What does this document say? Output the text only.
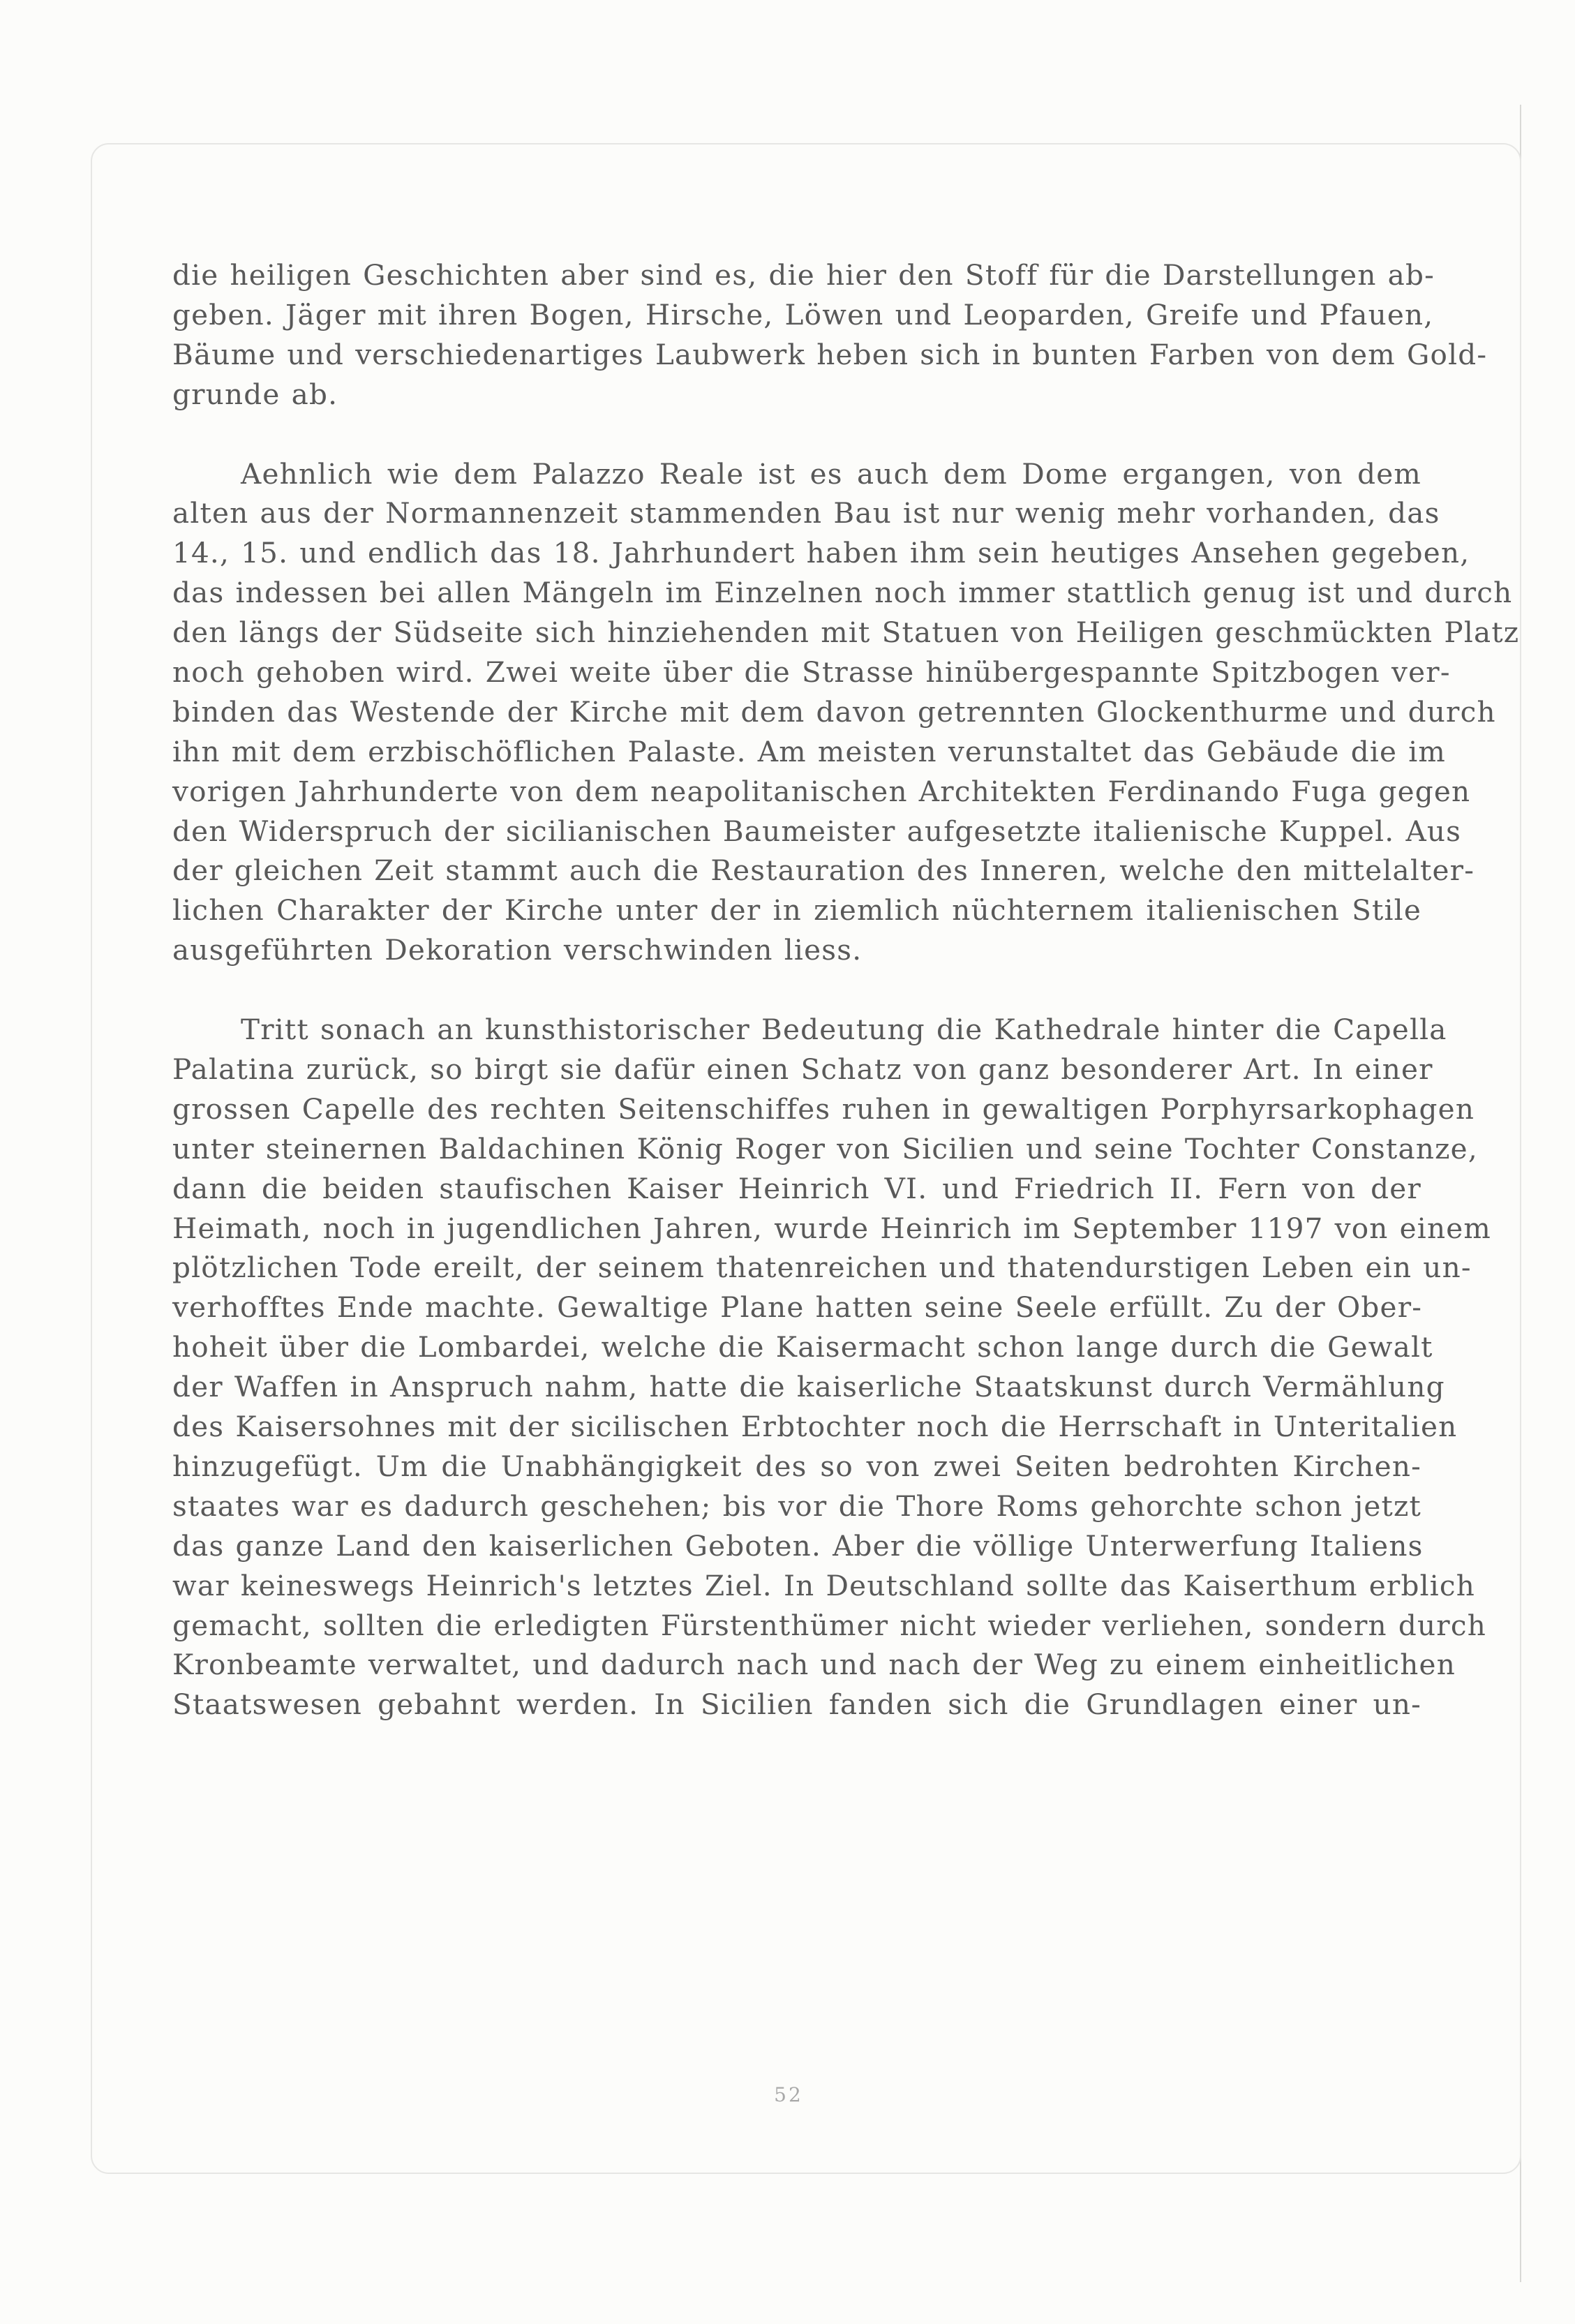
die heiligen Geschichten aber sind es, die hier den Stoff für die Darstellungen ab-
geben. Jäger mit ihren Bogen, Hirsche, Löwen und Leoparden, Greife und Pfauen,
Bäume und verschiedenartiges Laubwerk heben sich in bunten Farben von dem Gold-
grunde ab.

Aehnlich wie dem Palazzo Reale ist es auch dem Dome ergangen, von dem
alten aus der Normannenzeit stammenden Bau ist nur wenig mehr vorhanden, das
14., 15. und endlich das 18. Jahrhundert haben ihm sein heutiges Ansehen gegeben,
das indessen bei allen Mängeln im Einzelnen noch immer stattlich genug ist und durch
den längs der Südseite sich hinziehenden mit Statuen von Heiligen geschmückten Platz
noch gehoben wird. Zwei weite über die Strasse hinübergespannte Spitzbogen ver-
binden das Westende der Kirche mit dem davon getrennten Glockenthurme und durch
ihn mit dem erzbischöflichen Palaste. Am meisten verunstaltet das Gebäude die im
vorigen Jahrhunderte von dem neapolitanischen Architekten Ferdinando Fuga gegen
den Widerspruch der sicilianischen Baumeister aufgesetzte italienische Kuppel. Aus
der gleichen Zeit stammt auch die Restauration des Inneren, welche den mittelalter-
lichen Charakter der Kirche unter der in ziemlich nüchternem italienischen Stile
ausgeführten Dekoration verschwinden liess.

Tritt sonach an kunsthistorischer Bedeutung die Kathedrale hinter die Capella
Palatina zurück, so birgt sie dafür einen Schatz von ganz besonderer Art. In einer
grossen Capelle des rechten Seitenschiffes ruhen in gewaltigen Porphyrsarkophagen
unter steinernen Baldachinen König Roger von Sicilien und seine Tochter Constanze,
dann die beiden staufischen Kaiser Heinrich VI. und Friedrich II. Fern von der
Heimath, noch in jugendlichen Jahren, wurde Heinrich im September 1197 von einem
plötzlichen Tode ereilt, der seinem thatenreichen und thatendurstigen Leben ein un-
verhofftes Ende machte. Gewaltige Plane hatten seine Seele erfüllt. Zu der Ober-
hoheit über die Lombardei, welche die Kaisermacht schon lange durch die Gewalt
der Waffen in Anspruch nahm, hatte die kaiserliche Staatskunst durch Vermählung
des Kaisersohnes mit der sicilischen Erbtochter noch die Herrschaft in Unteritalien
hinzugefügt. Um die Unabhängigkeit des so von zwei Seiten bedrohten Kirchen-
staates war es dadurch geschehen; bis vor die Thore Roms gehorchte schon jetzt
das ganze Land den kaiserlichen Geboten. Aber die völlige Unterwerfung Italiens
war keineswegs Heinrich's letztes Ziel. In Deutschland sollte das Kaiserthum erblich
gemacht, sollten die erledigten Fürstenthümer nicht wieder verliehen, sondern durch
Kronbeamte verwaltet, und dadurch nach und nach der Weg zu einem einheitlichen
Staatswesen gebahnt werden. In Sicilien fanden sich die Grundlagen einer un-

52
